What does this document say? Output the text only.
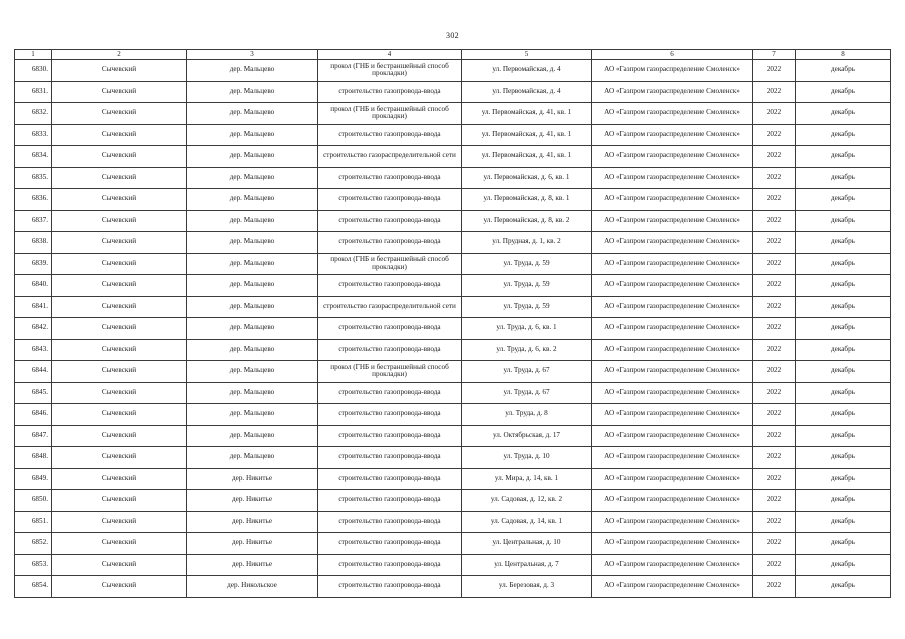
302
1	2	3	4	5	6	7	8
6830.	Сычевский	дер. Мальцево	прокол (ГНБ и бестраншейный способ прокладки)	ул. Первомайская, д. 4	АО «Газпром газораспределение Смоленск»	2022	декабрь
6831.	Сычевский	дер. Мальцево	строительство газопровода-ввода	ул. Первомайская, д. 4	АО «Газпром газораспределение Смоленск»	2022	декабрь
6832.	Сычевский	дер. Мальцево	прокол (ГНБ и бестраншейный способ прокладки)	ул. Первомайская, д. 41, кв. 1	АО «Газпром газораспределение Смоленск»	2022	декабрь
6833.	Сычевский	дер. Мальцево	строительство газопровода-ввода	ул. Первомайская, д. 41, кв. 1	АО «Газпром газораспределение Смоленск»	2022	декабрь
6834.	Сычевский	дер. Мальцево	строительство газораспределительной сети	ул. Первомайская, д. 41, кв. 1	АО «Газпром газораспределение Смоленск»	2022	декабрь
6835.	Сычевский	дер. Мальцево	строительство газопровода-ввода	ул. Первомайская, д. 6, кв. 1	АО «Газпром газораспределение Смоленск»	2022	декабрь
6836.	Сычевский	дер. Мальцево	строительство газопровода-ввода	ул. Первомайская, д. 8, кв. 1	АО «Газпром газораспределение Смоленск»	2022	декабрь
6837.	Сычевский	дер. Мальцево	строительство газопровода-ввода	ул. Первомайская, д. 8, кв. 2	АО «Газпром газораспределение Смоленск»	2022	декабрь
6838.	Сычевский	дер. Мальцево	строительство газопровода-ввода	ул. Прудная, д. 1, кв. 2	АО «Газпром газораспределение Смоленск»	2022	декабрь
6839.	Сычевский	дер. Мальцево	прокол (ГНБ и бестраншейный способ прокладки)	ул. Труда, д. 59	АО «Газпром газораспределение Смоленск»	2022	декабрь
6840.	Сычевский	дер. Мальцево	строительство газопровода-ввода	ул. Труда, д. 59	АО «Газпром газораспределение Смоленск»	2022	декабрь
6841.	Сычевский	дер. Мальцево	строительство газораспределительной сети	ул. Труда, д. 59	АО «Газпром газораспределение Смоленск»	2022	декабрь
6842.	Сычевский	дер. Мальцево	строительство газопровода-ввода	ул. Труда, д. 6, кв. 1	АО «Газпром газораспределение Смоленск»	2022	декабрь
6843.	Сычевский	дер. Мальцево	строительство газопровода-ввода	ул. Труда, д. 6, кв. 2	АО «Газпром газораспределение Смоленск»	2022	декабрь
6844.	Сычевский	дер. Мальцево	прокол (ГНБ и бестраншейный способ прокладки)	ул. Труда, д. 67	АО «Газпром газораспределение Смоленск»	2022	декабрь
6845.	Сычевский	дер. Мальцево	строительство газопровода-ввода	ул. Труда, д. 67	АО «Газпром газораспределение Смоленск»	2022	декабрь
6846.	Сычевский	дер. Мальцево	строительство газопровода-ввода	ул. Труда, д. 8	АО «Газпром газораспределение Смоленск»	2022	декабрь
6847.	Сычевский	дер. Мальцево	строительство газопровода-ввода	ул. Октябрьская, д. 17	АО «Газпром газораспределение Смоленск»	2022	декабрь
6848.	Сычевский	дер. Мальцево	строительство газопровода-ввода	ул. Труда, д. 10	АО «Газпром газораспределение Смоленск»	2022	декабрь
6849.	Сычевский	дер. Никитье	строительство газопровода-ввода	ул. Мира, д. 14, кв. 1	АО «Газпром газораспределение Смоленск»	2022	декабрь
6850.	Сычевский	дер. Никитье	строительство газопровода-ввода	ул. Садовая, д. 12, кв. 2	АО «Газпром газораспределение Смоленск»	2022	декабрь
6851.	Сычевский	дер. Никитье	строительство газопровода-ввода	ул. Садовая, д. 14, кв. 1	АО «Газпром газораспределение Смоленск»	2022	декабрь
6852.	Сычевский	дер. Никитье	строительство газопровода-ввода	ул. Центральная, д. 10	АО «Газпром газораспределение Смоленск»	2022	декабрь
6853.	Сычевский	дер. Никитье	строительство газопровода-ввода	ул. Центральная, д. 7	АО «Газпром газораспределение Смоленск»	2022	декабрь
6854.	Сычевский	дер. Никольское	строительство газопровода-ввода	ул. Березовая, д. 3	АО «Газпром газораспределение Смоленск»	2022	декабрь
